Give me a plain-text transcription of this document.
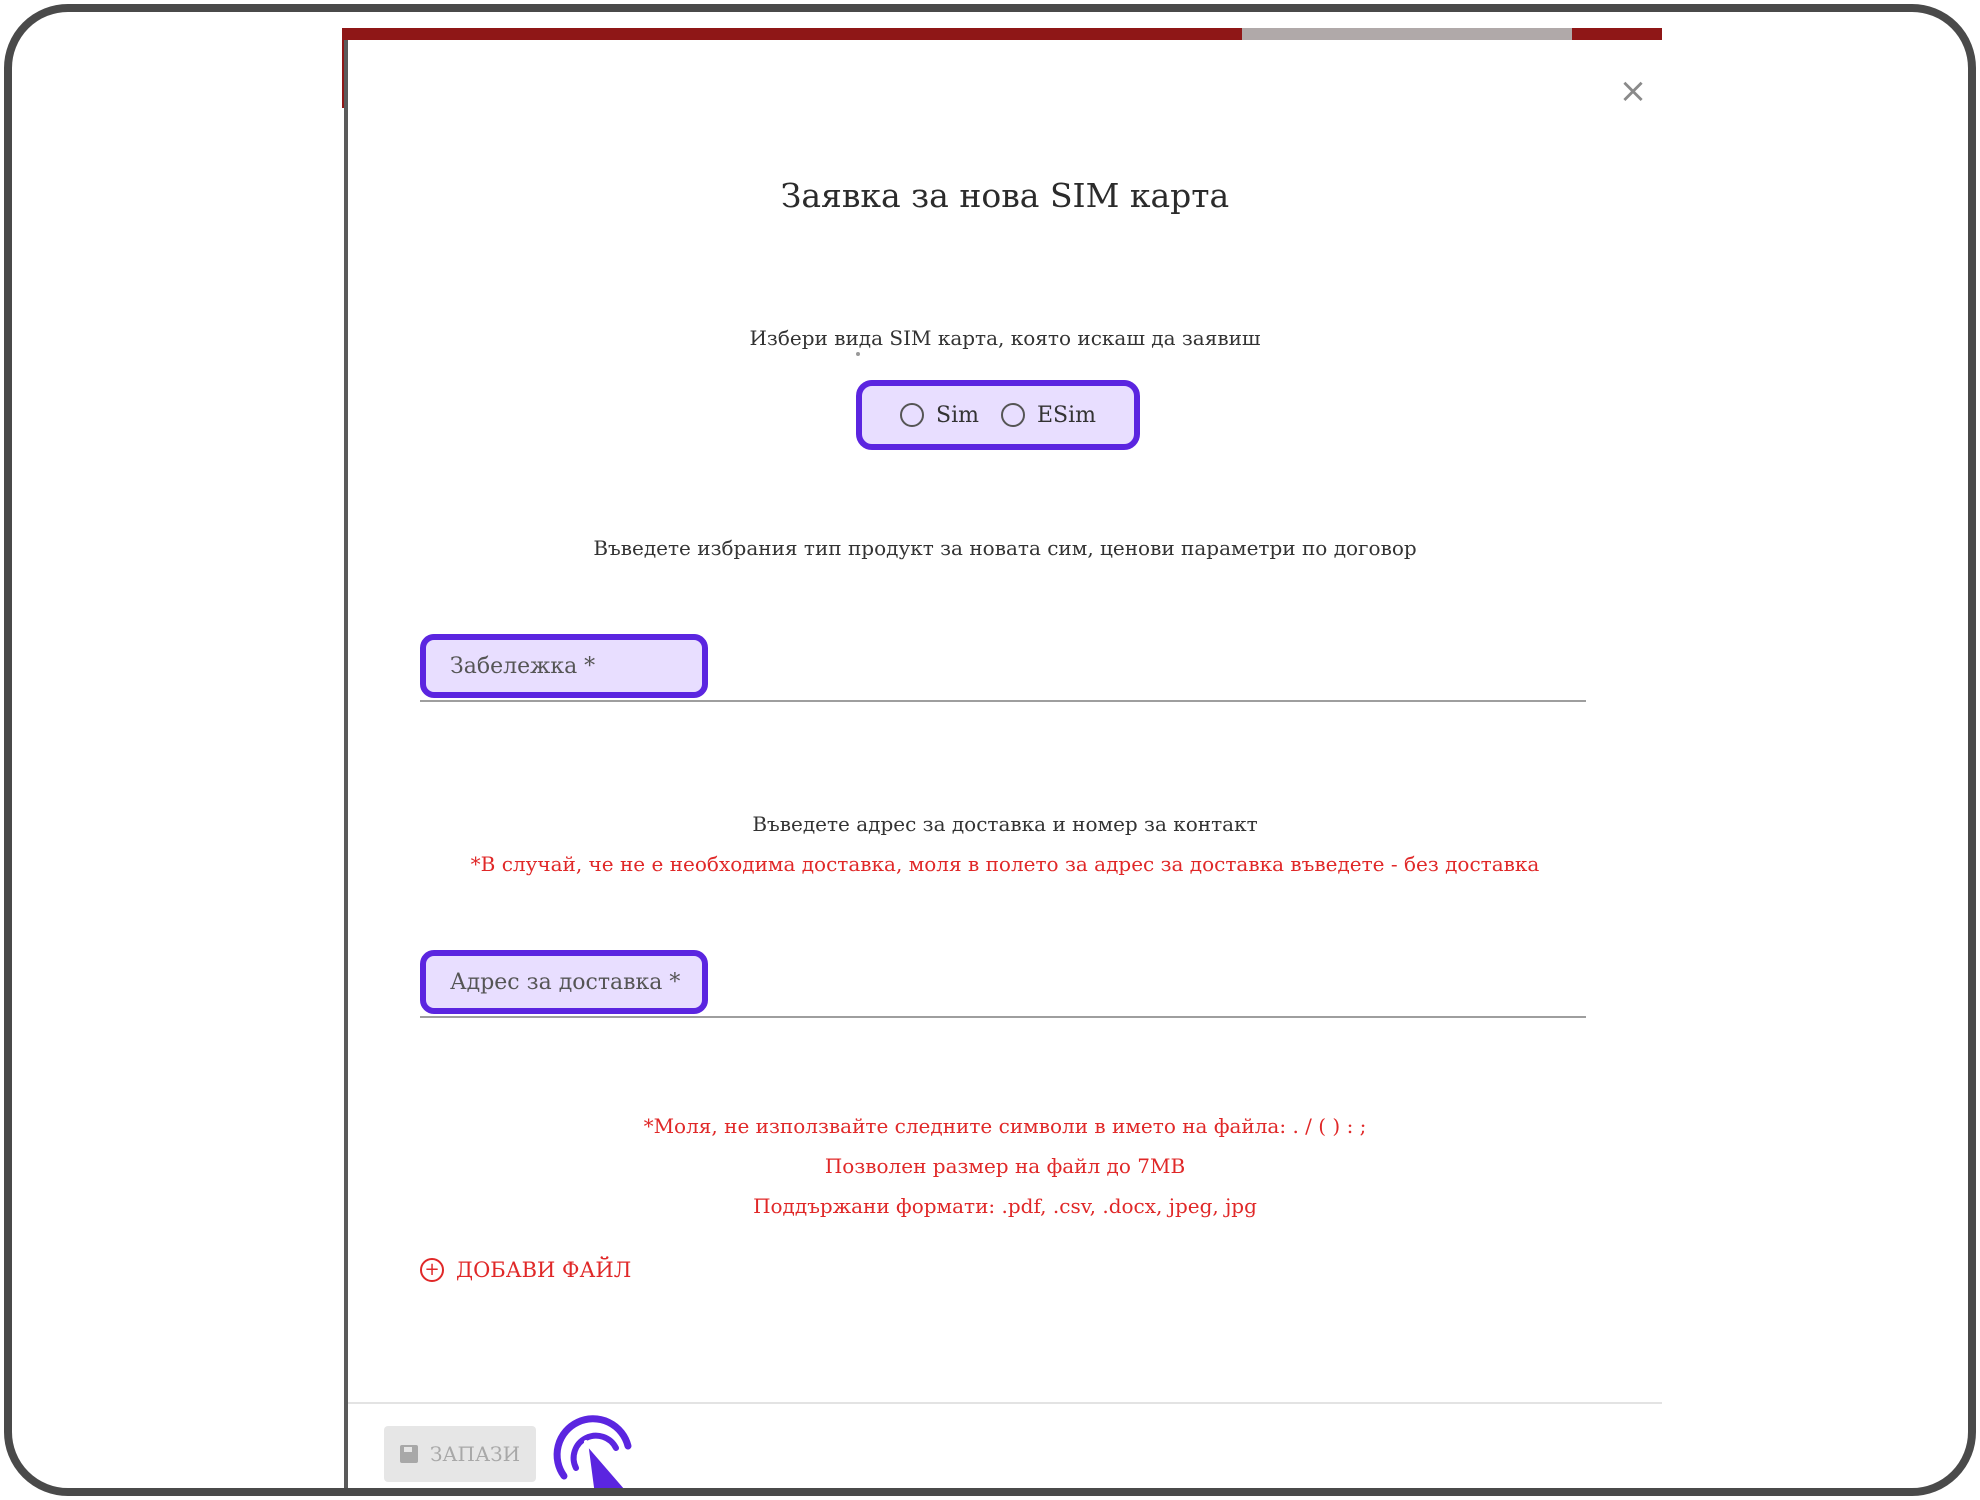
×
Заявка за нова SIM карта
Избери вида SIM карта, която искаш да заявиш
Sim	ESim
Въведете избрания тип продукт за новата сим, ценови параметри по договор
Забележка *
Въведете адрес за доставка и номер за контакт
*В случай, че не е необходима доставка, моля в полето за адрес за доставка въведете - без доставка
Адрес за доставка *
*Моля, не използвайте следните символи в името на файла: . / ( ) : ;
Позволен размер на файл до 7MB
Поддържани формати: .pdf, .csv, .docx, jpeg, jpg
+ ДОБАВИ ФАЙЛ
ЗАПАЗИ
